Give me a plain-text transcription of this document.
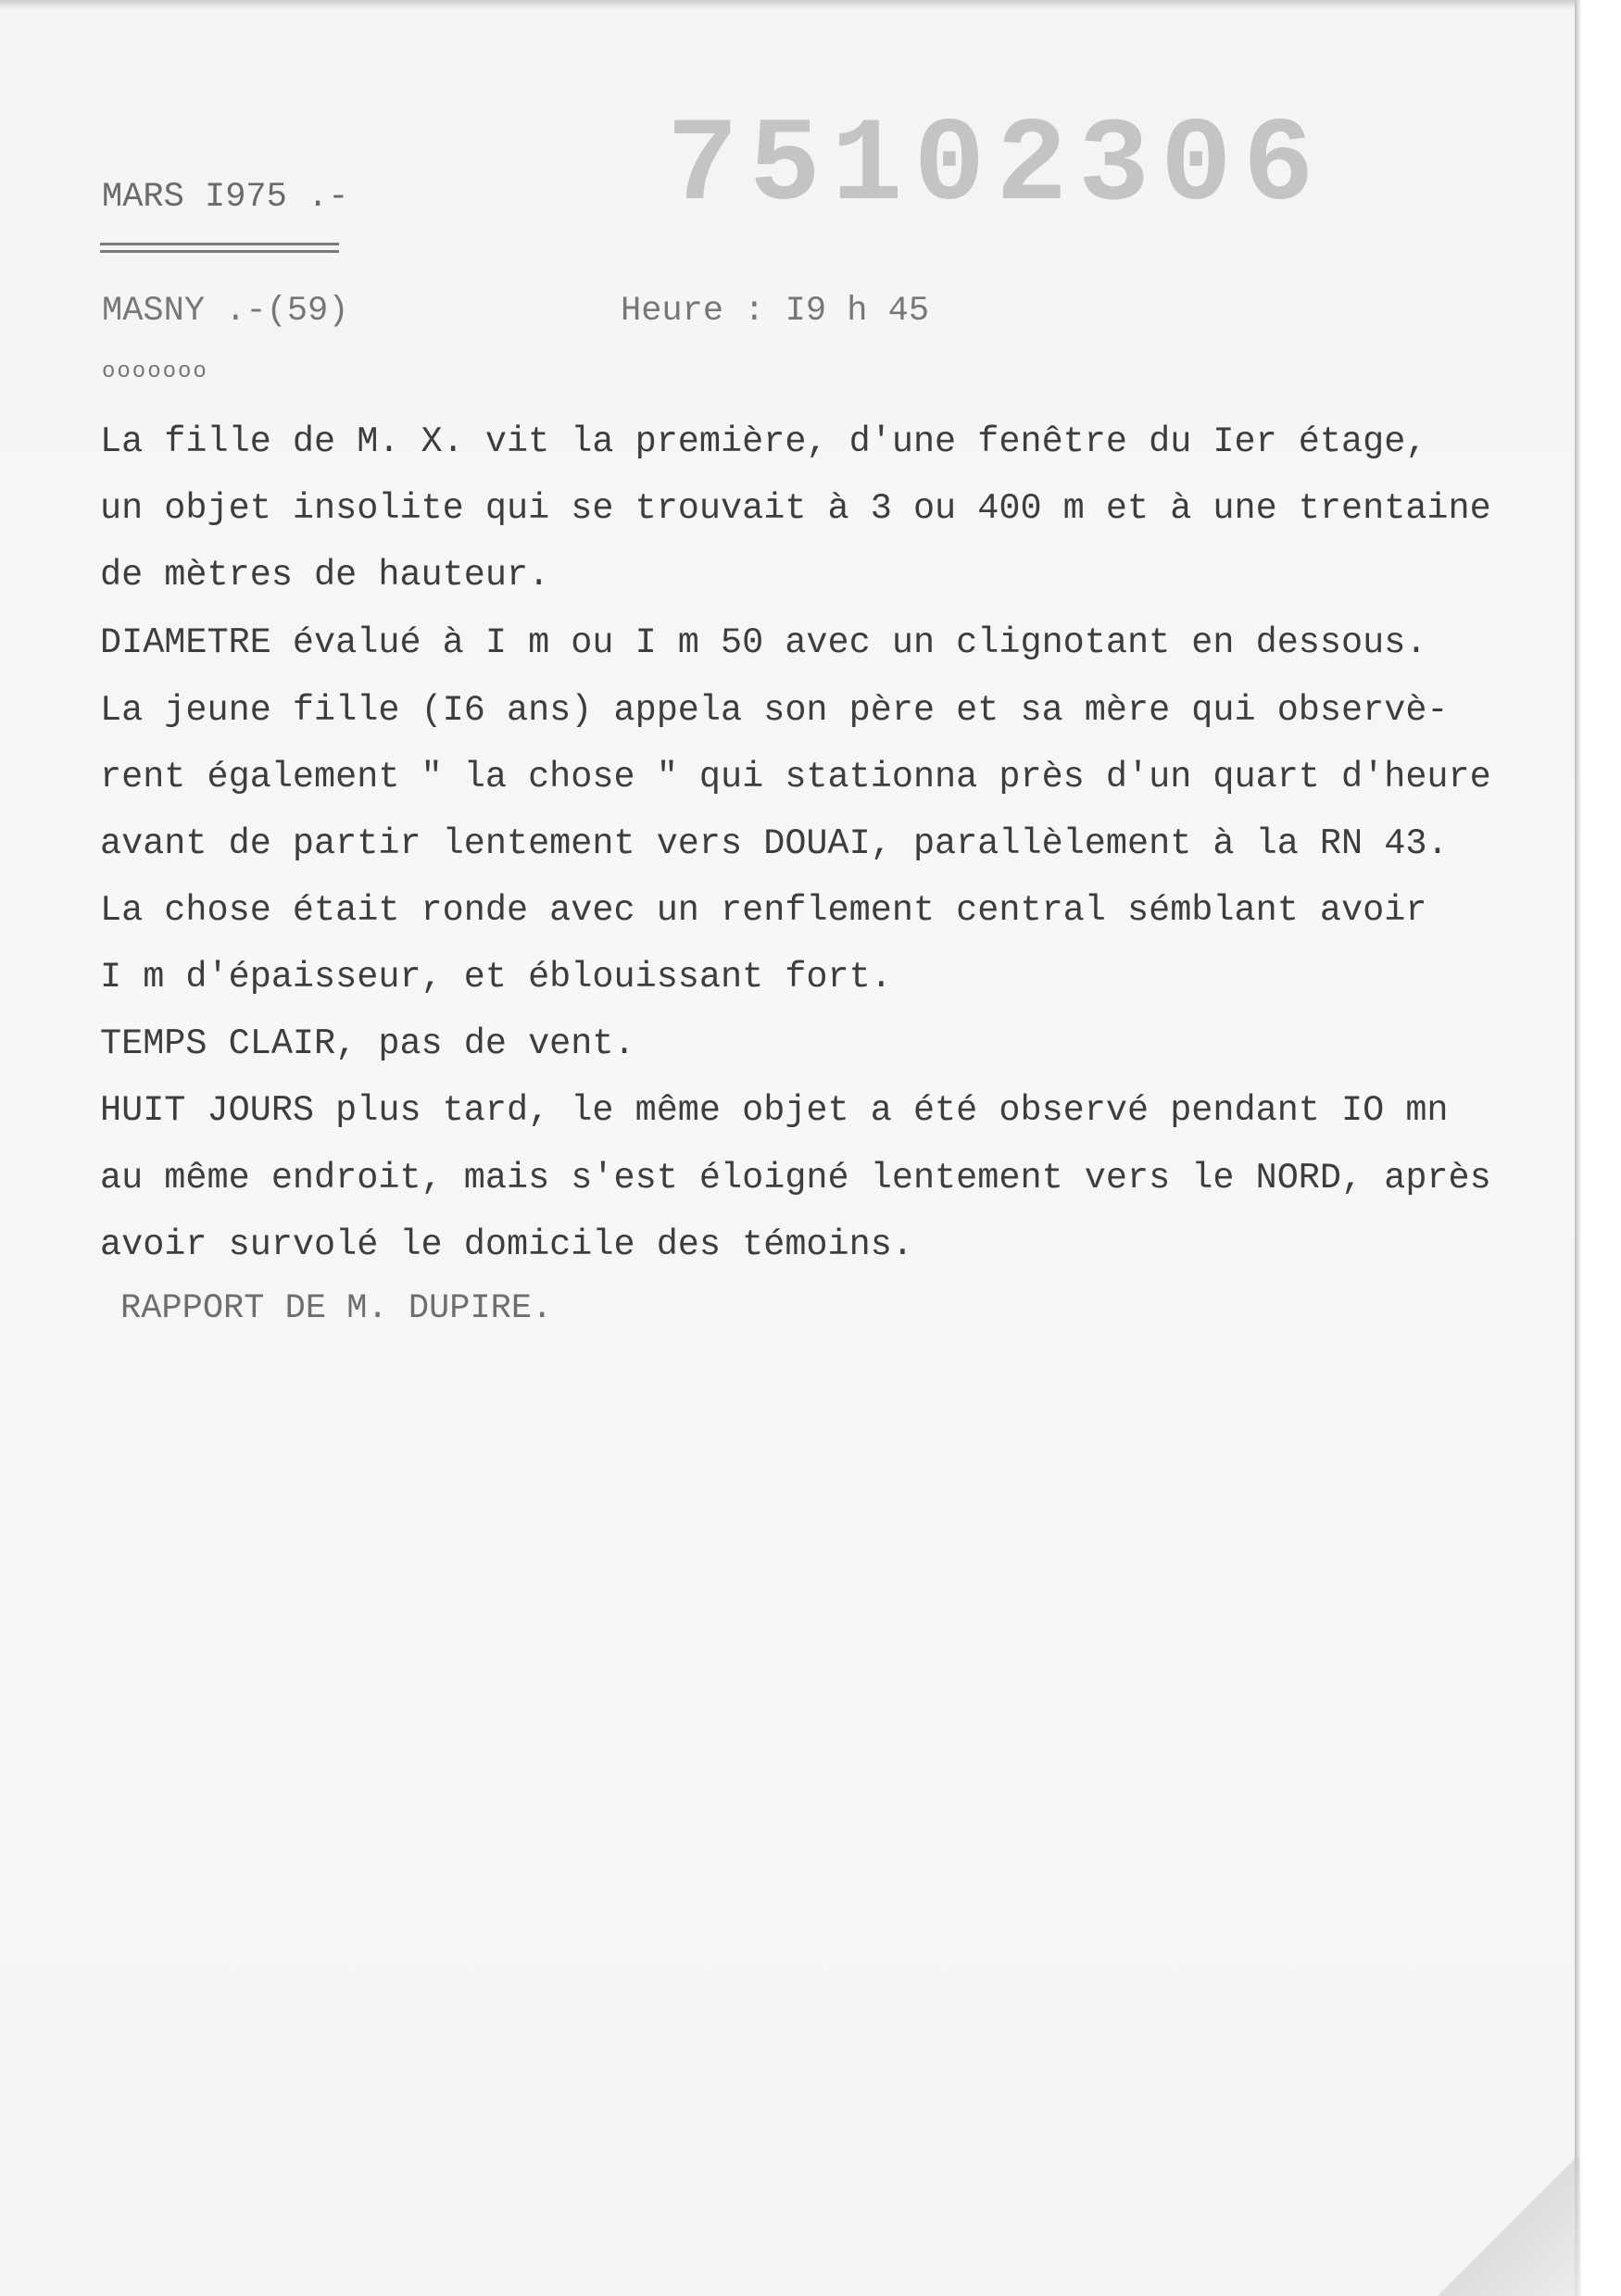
MARS I975 .-	75102306
MASNY .-(59)	Heure : I9 h 45
ooooooo
La fille de M. X. vit la première, d'une fenêtre du Ier étage,
un objet insolite qui se trouvait à 3 ou 400 m et à une trentaine
de mètres de hauteur.
DIAMETRE évalué à I m ou I m 50 avec un clignotant en dessous.
La jeune fille (I6 ans) appela son père et sa mère qui observè-
rent également " la chose " qui stationna près d'un quart d'heure
avant de partir lentement vers DOUAI, parallèlement à la RN 43.
La chose était ronde avec un renflement central sémblant avoir
I m d'épaisseur, et éblouissant fort.
TEMPS CLAIR, pas de vent.
HUIT JOURS plus tard, le même objet a été observé pendant IO mn
au même endroit, mais s'est éloigné lentement vers le NORD, après
avoir survolé le domicile des témoins.
RAPPORT DE M. DUPIRE.
